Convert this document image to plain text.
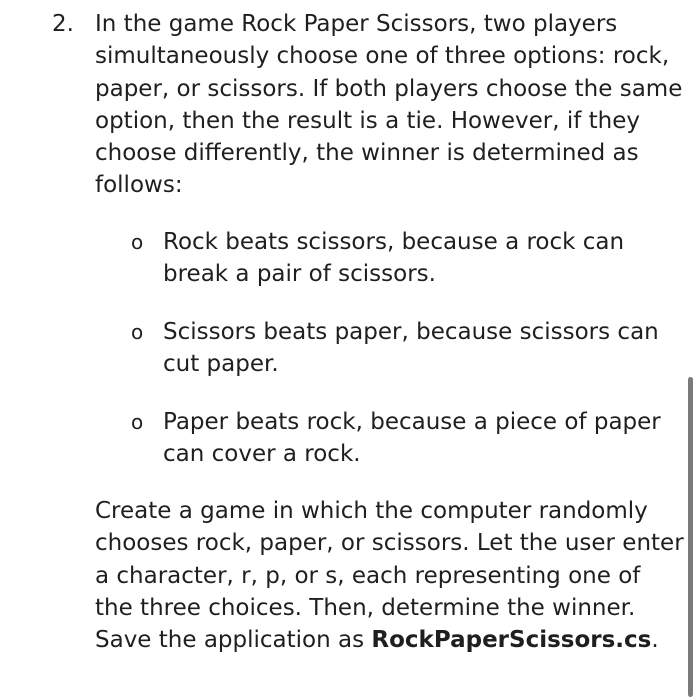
2. In the game Rock Paper Scissors, two players simultaneously choose one of three options: rock, paper, or scissors. If both players choose the same option, then the result is a tie. However, if they choose differently, the winner is determined as follows:

o Rock beats scissors, because a rock can break a pair of scissors.

o Scissors beats paper, because scissors can cut paper.

o Paper beats rock, because a piece of paper can cover a rock.

Create a game in which the computer randomly chooses rock, paper, or scissors. Let the user enter a character, r, p, or s, each representing one of the three choices. Then, determine the winner. Save the application as RockPaperScissors.cs.
